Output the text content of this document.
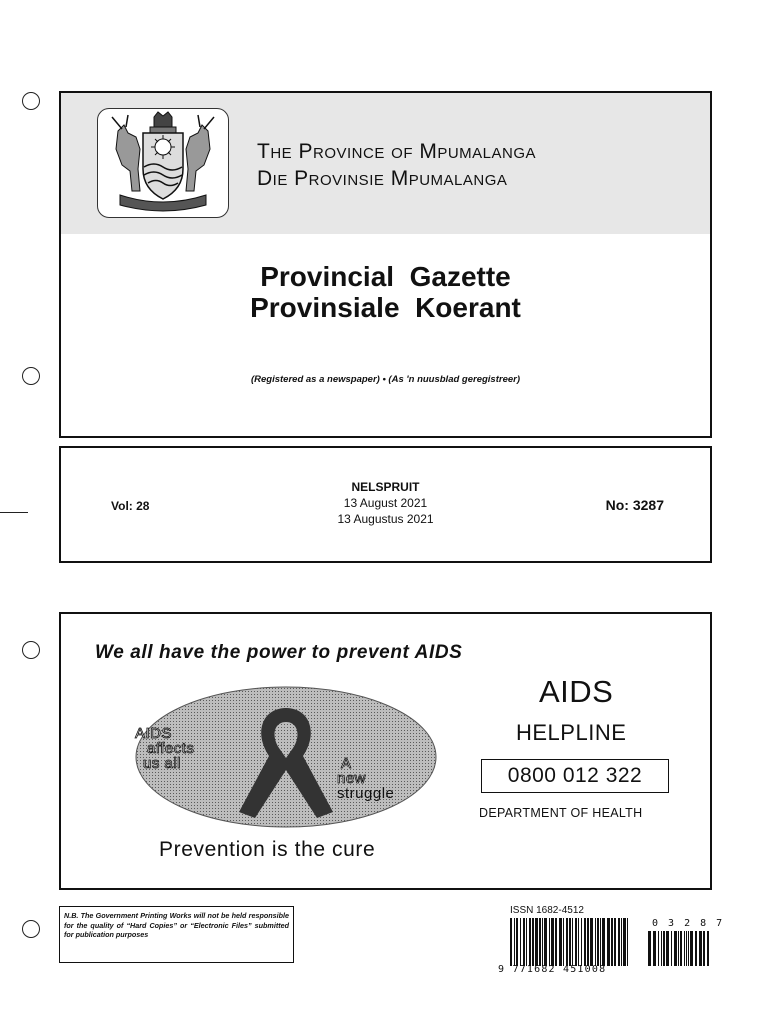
The Province of Mpumalanga
Die Provinsie Mpumalanga
Provincial  Gazette
Provinsiale  Koerant
(Registered as a newspaper) • (As 'n nuusblad geregistreer)
Vol: 28
NELSPRUIT
13 August 2021
13 Augustus 2021
No: 3287
We all have the power to prevent AIDS
AIDS
affects
us all	A
new
struggle
Prevention is the cure
AIDS
HELPLINE
0800 012 322
DEPARTMENT OF HEALTH
N.B. The Government Printing Works will not be held responsible for the quality of “Hard Copies” or “Electronic Files” submitted for publication purposes
ISSN 1682-4512
9 771682 451008
0 3 2 8 7
